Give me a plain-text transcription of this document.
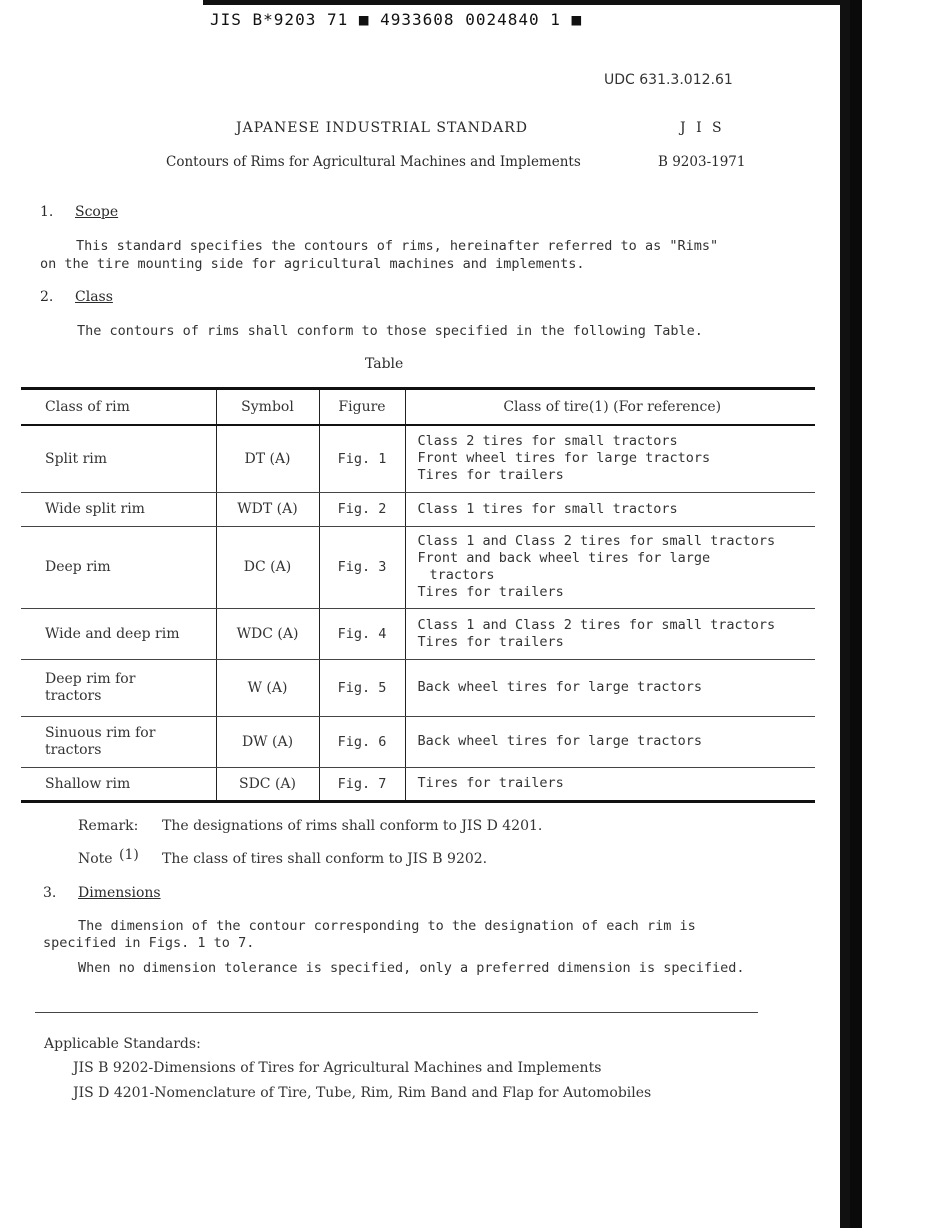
JIS B*9203 71 ■ 4933608 0024840 1 ■
UDC 631.3.012.61
JAPANESE INDUSTRIAL STANDARD	J I S
Contours of Rims for Agricultural Machines and Implements	B 9203-1971
1. Scope
This standard specifies the contours of rims, hereinafter referred to as "Rims"
on the tire mounting side for agricultural machines and implements.
2. Class
The contours of rims shall conform to those specified in the following Table.
Table
Class of rim	Symbol	Figure	Class of tire(1) (For reference)
Split rim	DT (A)	Fig. 1	Class 2 tires for small tractors
Front wheel tires for large tractors
Tires for trailers

Wide split rim	WDT (A)	Fig. 2	Class 1 tires for small tractors

Deep rim	DC (A)	Fig. 3	Class 1 and Class 2 tires for small tractors
Front and back wheel tires for large
tractors
Tires for trailers

Wide and deep rim	WDC (A)	Fig. 4	Class 1 and Class 2 tires for small tractors
Tires for trailers

Deep rim for
tractors	W (A)	Fig. 5	Back wheel tires for large tractors

Sinuous rim for
tractors	DW (A)	Fig. 6	Back wheel tires for large tractors

Shallow rim	SDC (A)	Fig. 7	Tires for trailers
Remark: The designations of rims shall conform to JIS D 4201.
Note (1) The class of tires shall conform to JIS B 9202.
3. Dimensions
The dimension of the contour corresponding to the designation of each rim is
specified in Figs. 1 to 7.
When no dimension tolerance is specified, only a preferred dimension is specified.
Applicable Standards:
JIS B 9202-Dimensions of Tires for Agricultural Machines and Implements
JIS D 4201-Nomenclature of Tire, Tube, Rim, Rim Band and Flap for Automobiles
